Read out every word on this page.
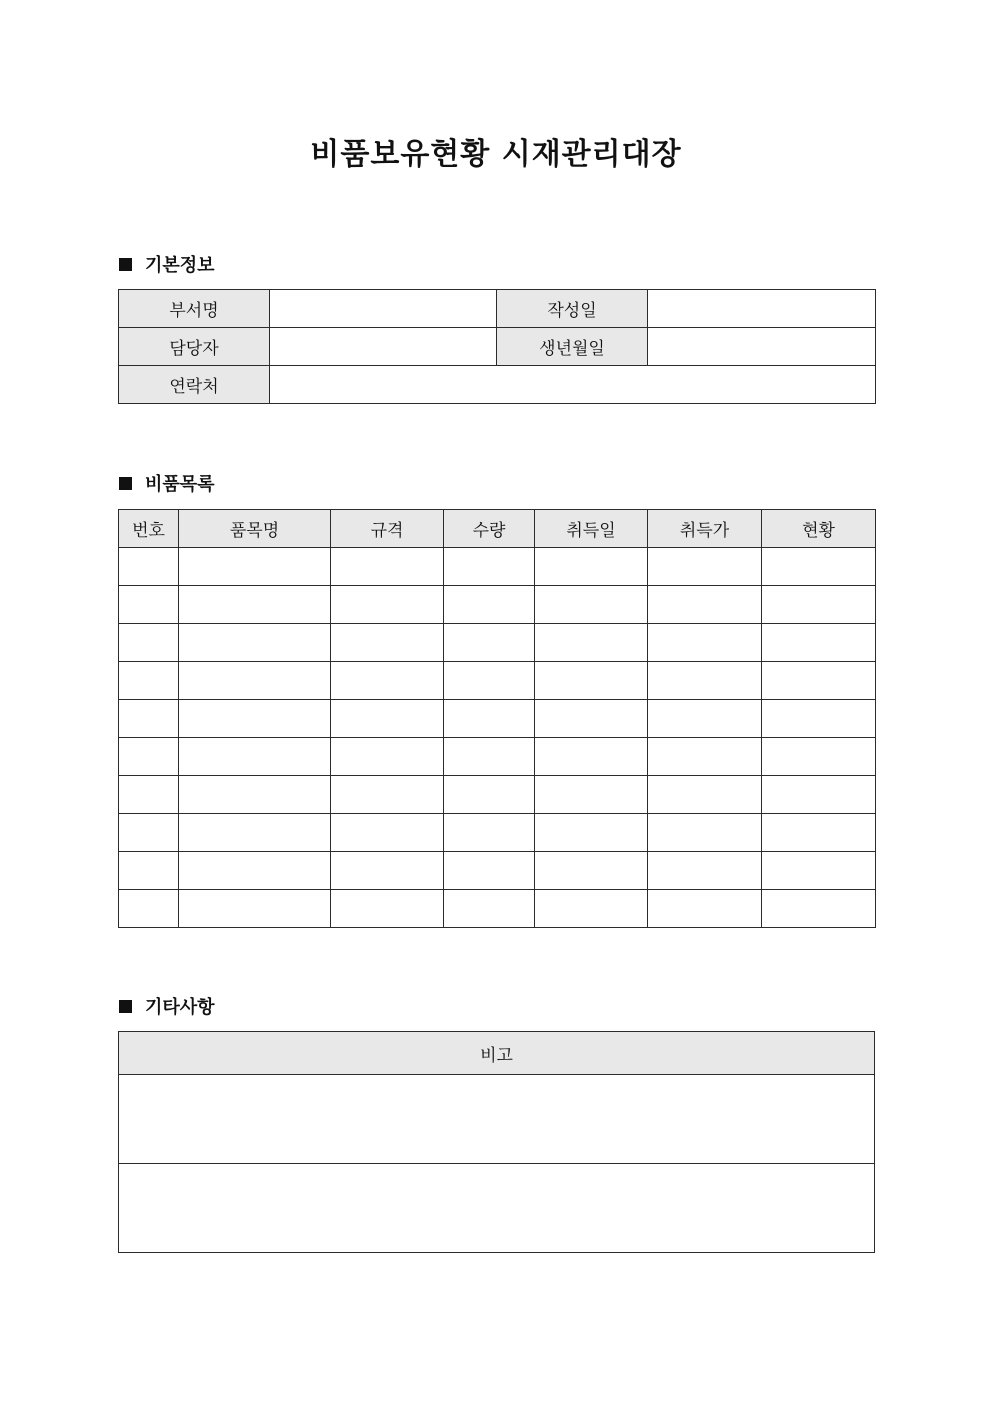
비품보유현황 시재관리대장
기본정보
부서명		작성일	
담당자		생년월일	
연락처			
비품목록
번호	품목명	규격	수량	취득일	취득가	현황

기타사항
비고
